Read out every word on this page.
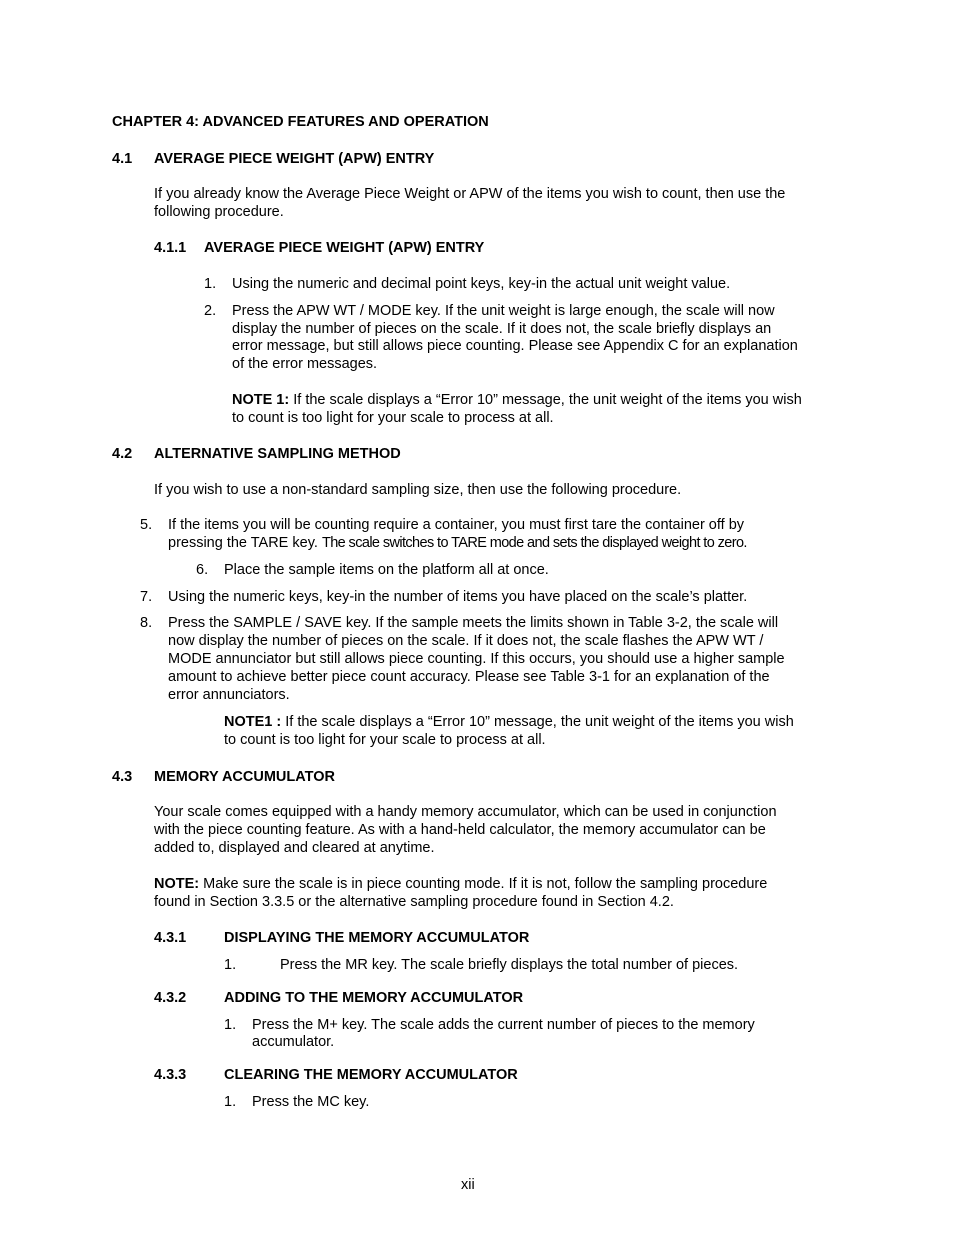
CHAPTER 4: ADVANCED FEATURES AND OPERATION
4.1 AVERAGE PIECE WEIGHT (APW) ENTRY
If you already know the Average Piece Weight or APW of the items you wish to count, then use the
following procedure.
4.1.1 AVERAGE PIECE WEIGHT (APW) ENTRY
1. Using the numeric and decimal point keys, key-in the actual unit weight value.
2. Press the APW WT / MODE key. If the unit weight is large enough, the scale will now
display the number of pieces on the scale. If it does not, the scale briefly displays an
error message, but still allows piece counting. Please see Appendix C for an explanation
of the error messages.
NOTE 1: If the scale displays a “Error 10” message, the unit weight of the items you wish
to count is too light for your scale to process at all.
4.2 ALTERNATIVE SAMPLING METHOD
If you wish to use a non-standard sampling size, then use the following procedure.
5. If the items you will be counting require a container, you must first tare the container off by
pressing the TARE key. The scale switches to TARE mode and sets the displayed weight to zero.
6. Place the sample items on the platform all at once.
7. Using the numeric keys, key-in the number of items you have placed on the scale’s platter.
8. Press the SAMPLE / SAVE key. If the sample meets the limits shown in Table 3-2, the scale will
now display the number of pieces on the scale. If it does not, the scale flashes the APW WT /
MODE annunciator but still allows piece counting. If this occurs, you should use a higher sample
amount to achieve better piece count accuracy. Please see Table 3-1 for an explanation of the
error annunciators.
NOTE1 : If the scale displays a “Error 10” message, the unit weight of the items you wish
to count is too light for your scale to process at all.
4.3 MEMORY ACCUMULATOR
Your scale comes equipped with a handy memory accumulator, which can be used in conjunction
with the piece counting feature. As with a hand-held calculator, the memory accumulator can be
added to, displayed and cleared at anytime.
NOTE: Make sure the scale is in piece counting mode. If it is not, follow the sampling procedure
found in Section 3.3.5 or the alternative sampling procedure found in Section 4.2.
4.3.1	DISPLAYING THE MEMORY ACCUMULATOR
1.	Press the MR key. The scale briefly displays the total number of pieces.
4.3.2	ADDING TO THE MEMORY ACCUMULATOR
1. Press the M+ key. The scale adds the current number of pieces to the memory
accumulator.
4.3.3	CLEARING THE MEMORY ACCUMULATOR
1. Press the MC key.
xii
